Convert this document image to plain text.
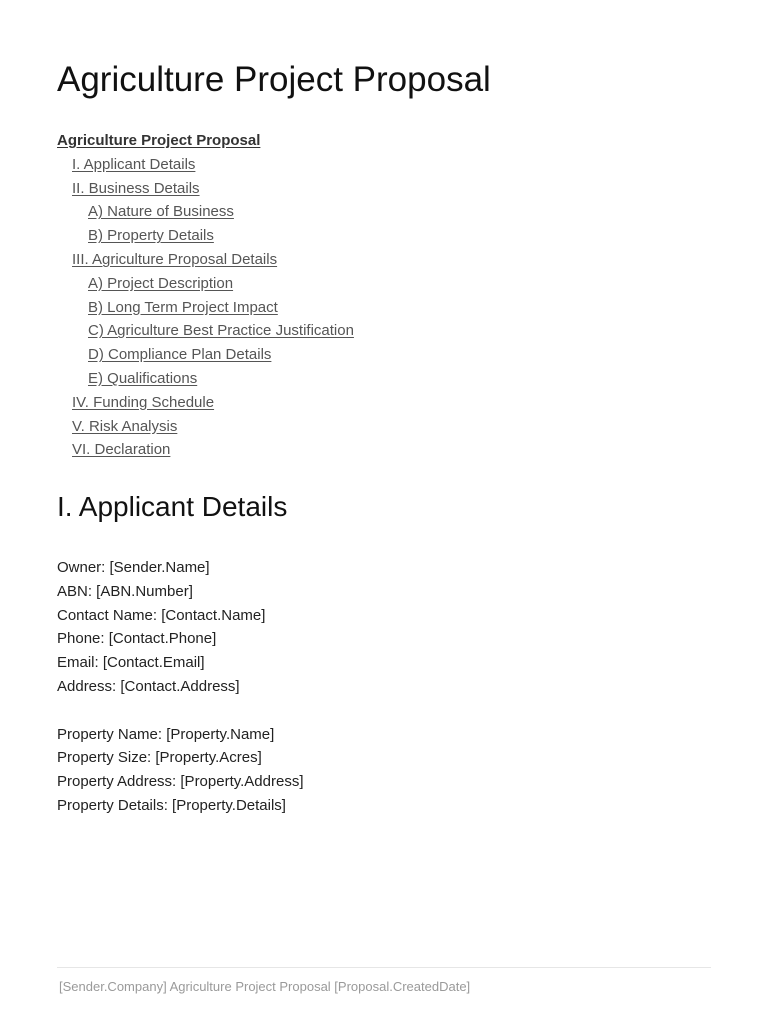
Agriculture Project Proposal
Agriculture Project Proposal
I. Applicant Details
II. Business Details
A) Nature of Business
B) Property Details
III. Agriculture Proposal Details
A) Project Description
B) Long Term Project Impact
C) Agriculture Best Practice Justification
D) Compliance Plan Details
E) Qualifications
IV. Funding Schedule
V. Risk Analysis
VI. Declaration
I. Applicant Details
Owner: [Sender.Name]
ABN: [ABN.Number]
Contact Name: [Contact.Name]
Phone: [Contact.Phone]
Email: [Contact.Email]
Address: [Contact.Address]
Property Name: [Property.Name]
Property Size: [Property.Acres]
Property Address: [Property.Address]
Property Details: [Property.Details]
[Sender.Company] Agriculture Project Proposal [Proposal.CreatedDate]
